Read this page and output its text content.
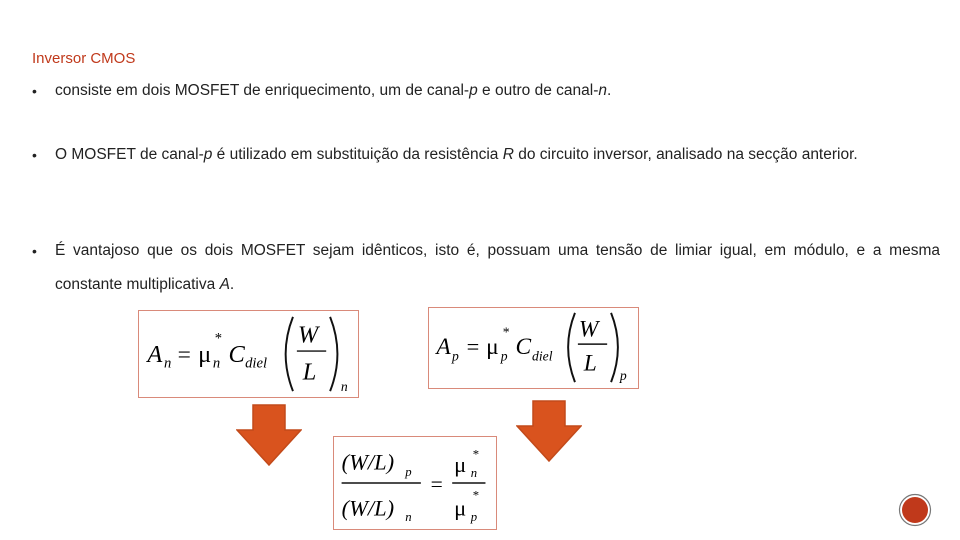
Inversor CMOS
• consiste em dois MOSFET de enriquecimento, um de canal-p e outro de canal-n.
• O MOSFET de canal-p é utilizado em substituição da resistência R do circuito inversor, analisado na secção anterior.
• É vantajoso que os dois MOSFET sejam idênticos, isto é, possuam uma tensão de limiar igual, em módulo, e a mesma constante multiplicativa A.
A n = μ
*
n C diel
W
L
n
A p = μ
*
p C diel
W
L p
(W/L) p
(W/L) n
=
μ *
n
μ *
p
